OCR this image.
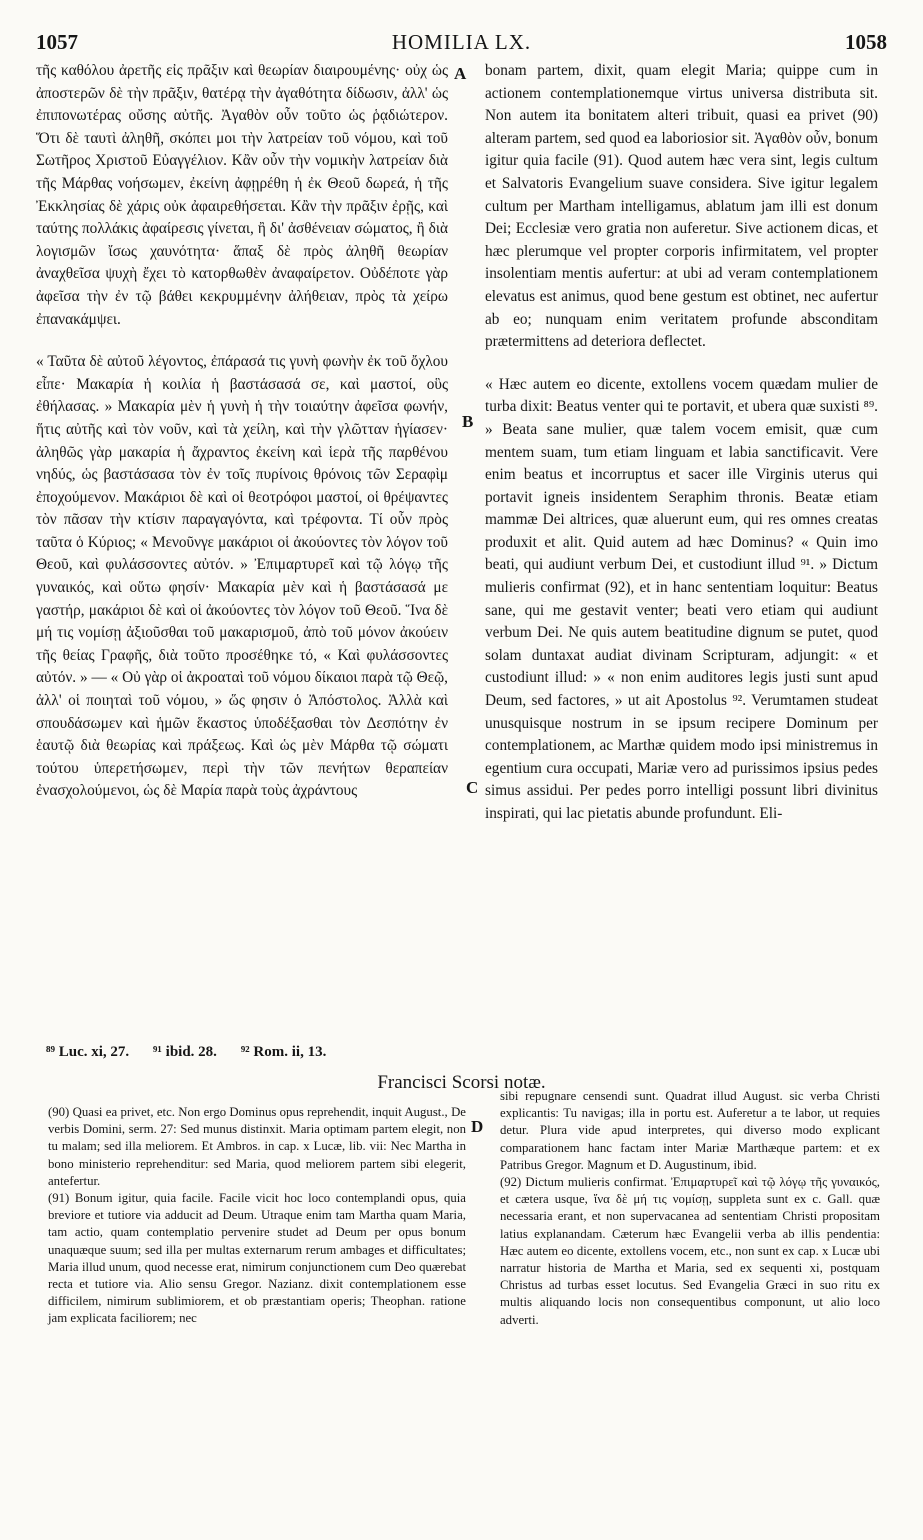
1057	HOMILIA LX.	1058

τῆς καθόλου ἀρετῆς εἰς πρᾶξιν καὶ θεωρίαν διαιρουμένης· οὐχ ὡς ἀποστερῶν δὲ τὴν πρᾶξιν, θατέρᾳ τὴν ἀγαθότητα δίδωσιν, ἀλλ' ὡς ἐπιπονωτέρας οὔσης αὐτῆς. Ἀγαθὸν οὖν τοῦτο ὡς ῥᾳδιώτερον. Ὅτι δὲ ταυτὶ ἀληθῆ, σκόπει μοι τὴν λατρείαν τοῦ νόμου, καὶ τοῦ Σωτῆρος Χριστοῦ Εὐαγγέλιον. Κἂν οὖν τὴν νομικὴν λατρείαν διὰ τῆς Μάρθας νοήσωμεν, ἐκείνη ἀφῃρέθη ἡ ἐκ Θεοῦ δωρεά, ἡ τῆς Ἐκκλησίας δὲ χάρις οὐκ ἀφαιρεθήσεται. Κἂν τὴν πρᾶξιν ἐρῇς, καὶ ταύτης πολλάκις ἀφαίρεσις γίνεται, ἢ δι' ἀσθένειαν σώματος, ἢ διὰ λογισμῶν ἴσως χαυνότητα· ἅπαξ δὲ πρὸς ἀληθῆ θεωρίαν ἀναχθεῖσα ψυχὴ ἔχει τὸ κατορθωθὲν ἀναφαίρετον. Οὐδέποτε γὰρ ἀφεῖσα τὴν ἐν τῷ βάθει κεκρυμμένην ἀλήθειαν, πρὸς τὰ χείρω ἐπανακάμψει.

« Ταῦτα δὲ αὐτοῦ λέγοντος, ἐπάρασά τις γυνὴ φωνὴν ἐκ τοῦ ὄχλου εἶπε· Μακαρία ἡ κοιλία ἡ βαστάσασά σε, καὶ μαστοί, οὓς ἐθήλασας. » Μακαρία μὲν ἡ γυνὴ ἡ τὴν τοιαύτην ἀφεῖσα φωνήν, ἥτις αὐτῆς καὶ τὸν νοῦν, καὶ τὰ χείλη, καὶ τὴν γλῶτταν ἡγίασεν· ἀληθῶς γὰρ μακαρία ἡ ἄχραντος ἐκείνη καὶ ἱερὰ τῆς παρθένου νηδύς, ὡς βαστάσασα τὸν ἐν τοῖς πυρίνοις θρόνοις τῶν Σεραφὶμ ἐποχούμενον. Μακάριοι δὲ καὶ οἱ θεοτρόφοι μαστοί, οἱ θρέψαντες τὸν πᾶσαν τὴν κτίσιν παραγαγόντα, καὶ τρέφοντα. Τί οὖν πρὸς ταῦτα ὁ Κύριος; « Μενοῦνγε μακάριοι οἱ ἀκούοντες τὸν λόγον τοῦ Θεοῦ, καὶ φυλάσσοντες αὐτόν. » Ἐπιμαρτυρεῖ καὶ τῷ λόγῳ τῆς γυναικός, καὶ οὕτω φησίν· Μακαρία μὲν καὶ ἡ βαστάσασά με γαστήρ, μακάριοι δὲ καὶ οἱ ἀκούοντες τὸν λόγον τοῦ Θεοῦ. Ἵνα δὲ μή τις νομίσῃ ἀξιοῦσθαι τοῦ μακαρισμοῦ, ἀπὸ τοῦ μόνον ἀκούειν τῆς θείας Γραφῆς, διὰ τοῦτο προσέθηκε τό, « Καὶ φυλάσσοντες αὐτόν. » — « Οὐ γὰρ οἱ ἀκροαταὶ τοῦ νόμου δίκαιοι παρὰ τῷ Θεῷ, ἀλλ' οἱ ποιηταὶ τοῦ νόμου, » ὥς φησιν ὁ Ἀπόστολος. Ἀλλὰ καὶ σπουδάσωμεν καὶ ἡμῶν ἕκαστος ὑποδέξασθαι τὸν Δεσπότην ἐν ἑαυτῷ διὰ θεωρίας καὶ πράξεως. Καὶ ὡς μὲν Μάρθα τῷ σώματι τούτου ὑπερετήσωμεν, περὶ τὴν τῶν πενήτων θεραπείαν ἐνασχολούμενοι, ὡς δὲ Μαρία παρὰ τοὺς ἀχράντους

A
B
C
D

bonam partem, dixit, quam elegit Maria; quippe cum in actionem contemplationemque virtus universa distributa sit. Non autem ita bonitatem alteri tribuit, quasi ea privet (90) alteram partem, sed quod ea laboriosior sit. Ἀγαθὸν οὖν, bonum igitur quia facile (91). Quod autem hæc vera sint, legis cultum et Salvatoris Evangelium suave considera. Sive igitur legalem cultum per Martham intelligamus, ablatum jam illi est donum Dei; Ecclesiæ vero gratia non auferetur. Sive actionem dicas, et hæc plerumque vel propter corporis infirmitatem, vel propter insolentiam mentis aufertur: at ubi ad veram contemplationem elevatus est animus, quod bene gestum est obtinet, nec aufertur ab eo; nunquam enim veritatem profunde absconditam prætermittens ad deteriora deflectet.

« Hæc autem eo dicente, extollens vocem quædam mulier de turba dixit: Beatus venter qui te portavit, et ubera quæ suxisti ⁸⁹. » Beata sane mulier, quæ talem vocem emisit, quæ cum mentem suam, tum etiam linguam et labia sanctificavit. Vere enim beatus et incorruptus et sacer ille Virginis uterus qui portavit igneis insidentem Seraphim thronis. Beatæ etiam mammæ Dei altrices, quæ aluerunt eum, qui res omnes creatas produxit et alit. Quid autem ad hæc Dominus? « Quin imo beati, qui audiunt verbum Dei, et custodiunt illud ⁹¹. » Dictum mulieris confirmat (92), et in hanc sententiam loquitur: Beatus sane, qui me gestavit venter; beati vero etiam qui audiunt verbum Dei. Ne quis autem beatitudine dignum se putet, quod solam duntaxat audiat divinam Scripturam, adjungit: « et custodiunt illud: » « non enim auditores legis justi sunt apud Deum, sed factores, » ut ait Apostolus ⁹². Verumtamen studeat unusquisque nostrum in se ipsum recipere Dominum per contemplationem, ac Marthæ quidem modo ipsi ministremus in egentium cura occupati, Mariæ vero ad purissimos ipsius pedes simus assidui. Per pedes porro intelligi possunt libri divinitus inspirati, qui lac pietatis abunde profundunt. Eli-

⁸⁹ Luc. xi, 27. ⁹¹ ibid. 28. ⁹² Rom. ii, 13.
Francisci Scorsi notæ.

(90) Quasi ea privet, etc. Non ergo Dominus opus reprehendit, inquit August., De verbis Domini, serm. 27: Sed munus distinxit. Maria optimam partem elegit, non tu malam; sed illa meliorem. Et Ambros. in cap. x Lucæ, lib. vii: Nec Martha in bono ministerio reprehenditur: sed Maria, quod meliorem partem sibi elegerit, antefertur.

(91) Bonum igitur, quia facile. Facile vicit hoc loco contemplandi opus, quia breviore et tutiore via adducit ad Deum. Utraque enim tam Martha quam Maria, tam actio, quam contemplatio pervenire studet ad Deum per opus bonum unaquæque suum; sed illa per multas externarum rerum ambages et difficultates; Maria illud unum, quod necesse erat, nimirum conjunctionem cum Deo quærebat recta et tutiore via. Alio sensu Gregor. Nazianz. dixit contemplationem esse difficilem, nimirum sublimiorem, et ob præstantiam operis; Theophan. ratione jam explicata faciliorem; nec

sibi repugnare censendi sunt. Quadrat illud August. sic verba Christi explicantis: Tu navigas; illa in portu est. Auferetur a te labor, ut requies detur. Plura vide apud interpretes, qui diverso modo explicant comparationem hanc factam inter Mariæ Marthæque partem: et ex Patribus Gregor. Magnum et D. Augustinum, ibid.

(92) Dictum mulieris confirmat. Ἐπιμαρτυρεῖ καὶ τῷ λόγῳ τῆς γυναικός, et cætera usque, ἵνα δὲ μή τις νομίσῃ, suppleta sunt ex c. Gall. quæ necessaria erant, et non supervacanea ad sententiam Christi propositam latius explanandam. Cæterum hæc Evangelii verba ab illis pendentia: Hæc autem eo dicente, extollens vocem, etc., non sunt ex cap. x Lucæ ubi narratur historia de Martha et Maria, sed ex sequenti xi, postquam Christus ad turbas esset locutus. Sed Evangelia Græci in suo ritu ex multis aliquando locis non consequentibus componunt, ut alio loco adverti.
